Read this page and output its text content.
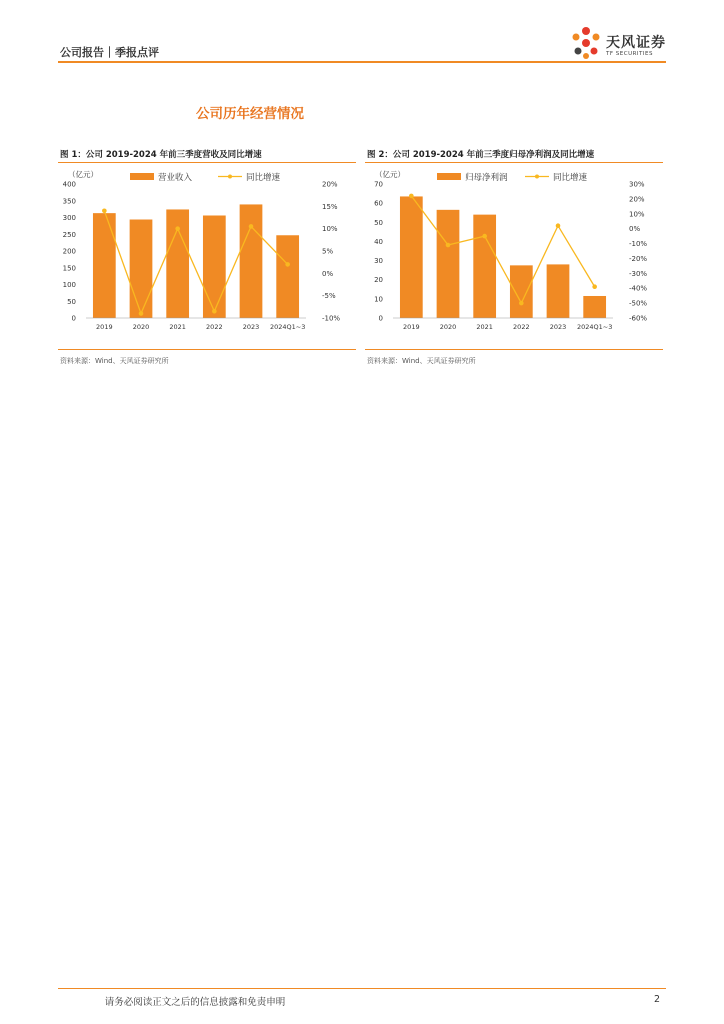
公司报告｜季报点评
天风证券
TF SECURITIES
公司历年经营情况
图 1：公司 2019-2024 年前三季度营收及同比增速
（亿元）	营业收入	同比增速
0
50
100
150
200
250
300
350
400
-10%
-5%
0%
5%
10%
15%
20%
2019	2020	2021	2022	2023 2024Q1~3
资料来源：Wind、天风证券研究所
图 2：公司 2019-2024 年前三季度归母净利润及同比增速
（亿元）	归母净利润	同比增速
0
10
20
30
40
50
60
70
-60%
-50%
-40%
-30%
-20%
-10%
0%
10%
20%
30%
2019	2020	2021	2022	2023 2024Q1~3
资料来源：Wind、天风证券研究所
请务必阅读正文之后的信息披露和免责申明	2
